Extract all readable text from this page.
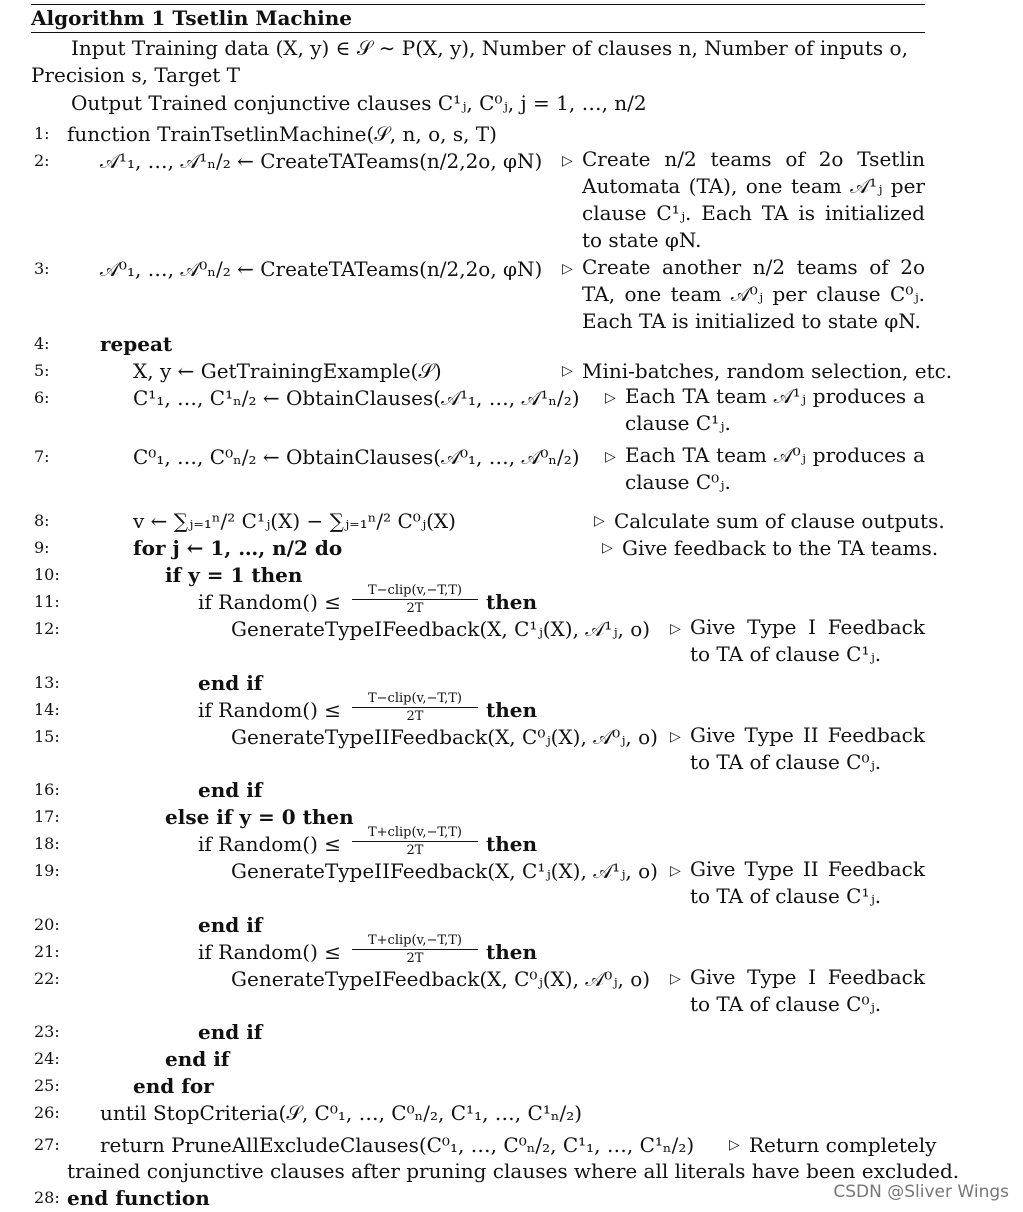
Algorithm 1 Tsetlin Machine
Input Training data (X, y) ∈ 𝒮 ∼ P(X, y), Number of clauses n, Number of inputs o,
Precision s, Target T
Output Trained conjunctive clauses C¹ⱼ, C⁰ⱼ, j = 1, …, n/2
1: function TrainTsetlinMachine(𝒮, n, o, s, T)
2:	𝒜¹₁, …, 𝒜¹ₙ/₂ ← CreateTATeams(n/2,2o, φN) ▷ Create n/2 teams of 2o Tsetlin Automata (TA), one team 𝒜¹ⱼ per clause C¹ⱼ. Each TA is initialized to state φN.
3:	𝒜⁰₁, …, 𝒜⁰ₙ/₂ ← CreateTATeams(n/2,2o, φN) ▷ Create another n/2 teams of 2o TA, one team 𝒜⁰ⱼ per clause C⁰ⱼ. Each TA is initialized to state φN.
4:	repeat
5:	X, y ← GetTrainingExample(𝒮)	▷ Mini-batches, random selection, etc.
6:	C¹₁, …, C¹ₙ/₂ ← ObtainClauses(𝒜¹₁, …, 𝒜¹ₙ/₂) ▷ Each TA team 𝒜¹ⱼ produces a clause C¹ⱼ.
7:	C⁰₁, …, C⁰ₙ/₂ ← ObtainClauses(𝒜⁰₁, …, 𝒜⁰ₙ/₂) ▷ Each TA team 𝒜⁰ⱼ produces a clause C⁰ⱼ.
8:	v ← ∑ⱼ₌₁ⁿ/² C¹ⱼ(X) − ∑ⱼ₌₁ⁿ/² C⁰ⱼ(X)	▷ Calculate sum of clause outputs.
9:	for j ← 1, …, n/2 do	▷ Give feedback to the TA teams.
10:	if y = 1 then
11:	if Random() ≤	T−clip(v,−T,T)
2T	then
12:	GenerateTypeIFeedback(X, C¹ⱼ(X), 𝒜¹ⱼ, o) ▷ Give Type I Feedback to TA of clause C¹ⱼ.
13:	end if
14:	if Random() ≤	T−clip(v,−T,T)
2T	then
15:	GenerateTypeIIFeedback(X, C⁰ⱼ(X), 𝒜⁰ⱼ, o) ▷ Give Type II Feedback to TA of clause C⁰ⱼ.
16:	end if
17:	else if y = 0 then
18:	if Random() ≤	T+clip(v,−T,T)
2T	then
19:	GenerateTypeIIFeedback(X, C¹ⱼ(X), 𝒜¹ⱼ, o) ▷ Give Type II Feedback to TA of clause C¹ⱼ.
20:	end if
21:	if Random() ≤	T+clip(v,−T,T)
2T	then
22:	GenerateTypeIFeedback(X, C⁰ⱼ(X), 𝒜⁰ⱼ, o) ▷ Give Type I Feedback to TA of clause C⁰ⱼ.
23:	end if
24:	end if
25:	end for
26: until StopCriteria(𝒮, C⁰₁, …, C⁰ₙ/₂, C¹₁, …, C¹ₙ/₂)
27: return PruneAllExcludeClauses(C⁰₁, …, C⁰ₙ/₂, C¹₁, …, C¹ₙ/₂) ▷ Return completely
trained conjunctive clauses after pruning clauses where all literals have been excluded.
28: end function	CSDN @Sliver Wings
